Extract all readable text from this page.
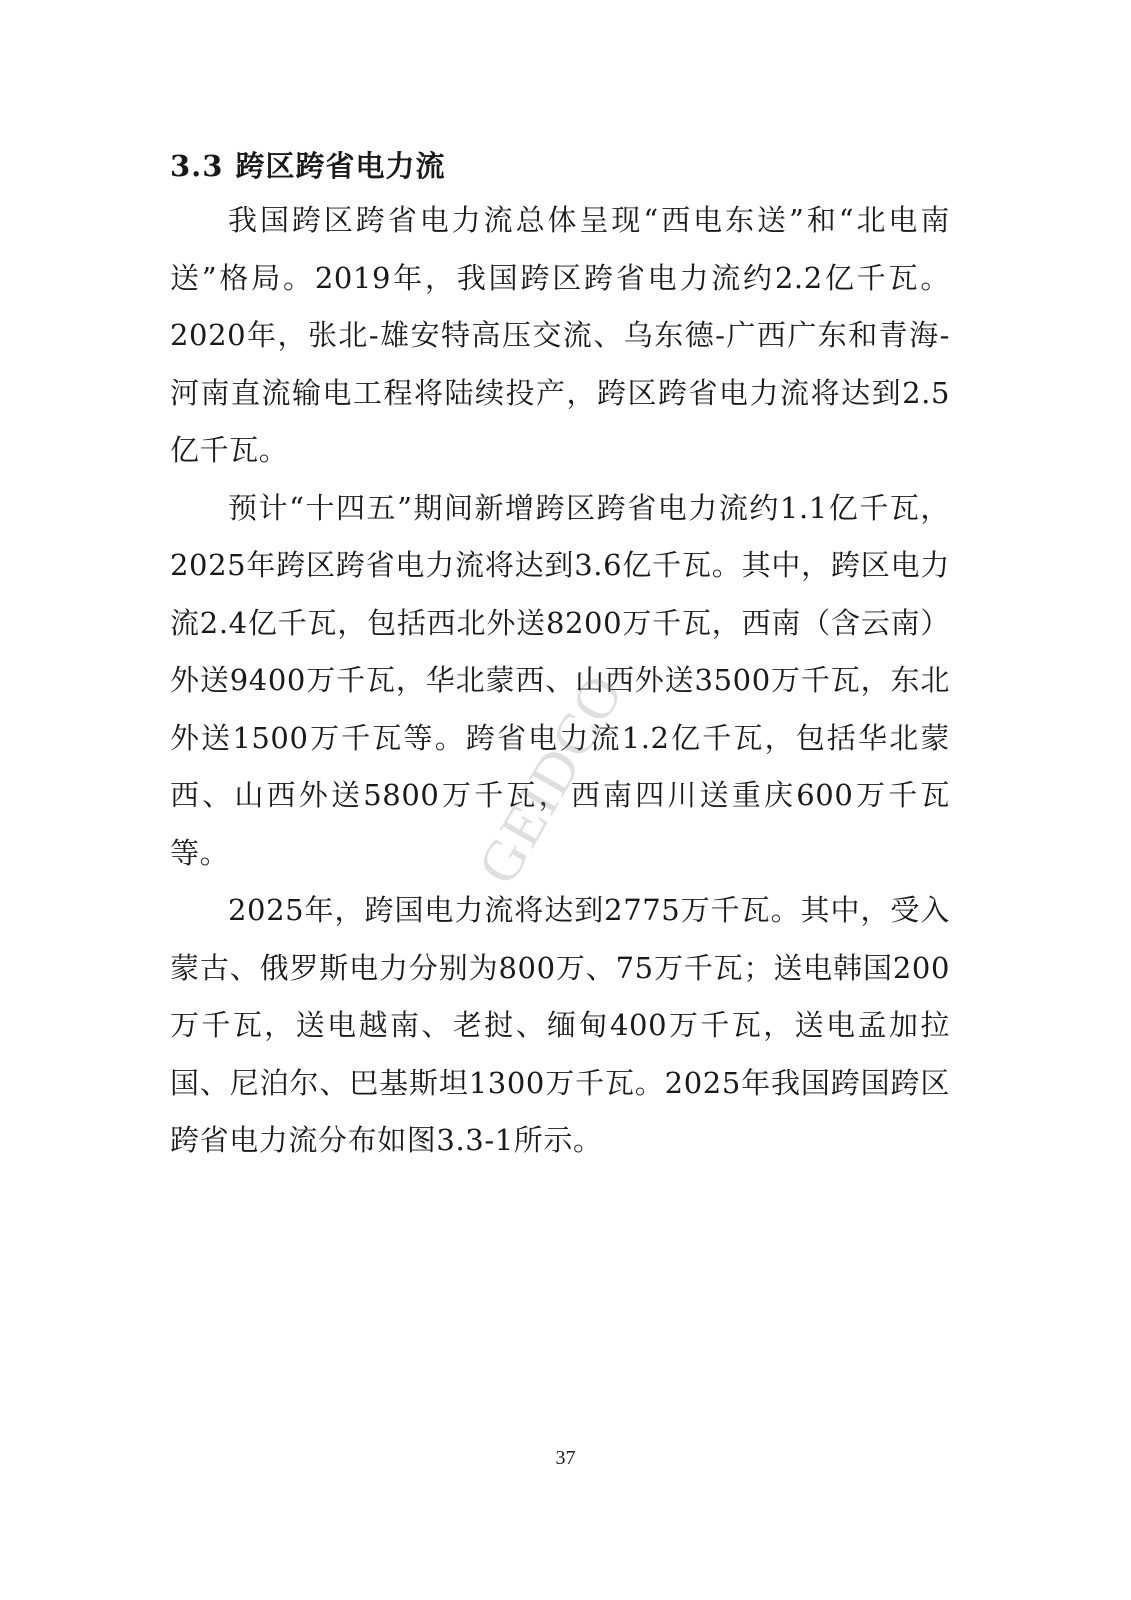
3.3 跨区跨省电力流

我国跨区跨省电力流总体呈现“西电东送”和“北电南送”格局。2019年，我国跨区跨省电力流约2.2亿千瓦。2020年，张北-雄安特高压交流、乌东德-广西广东和青海-河南直流输电工程将陆续投产，跨区跨省电力流将达到2.5亿千瓦。

预计“十四五”期间新增跨区跨省电力流约1.1亿千瓦，2025年跨区跨省电力流将达到3.6亿千瓦。其中，跨区电力流2.4亿千瓦，包括西北外送8200万千瓦，西南（含云南）外送9400万千瓦，华北蒙西、山西外送3500万千瓦，东北外送1500万千瓦等。跨省电力流1.2亿千瓦，包括华北蒙西、山西外送5800万千瓦，西南四川送重庆600万千瓦等。

2025年，跨国电力流将达到2775万千瓦。其中，受入蒙古、俄罗斯电力分别为800万、75万千瓦；送电韩国200万千瓦，送电越南、老挝、缅甸400万千瓦，送电孟加拉国、尼泊尔、巴基斯坦1300万千瓦。2025年我国跨国跨区跨省电力流分布如图3.3-1所示。

GEIDCO
37
